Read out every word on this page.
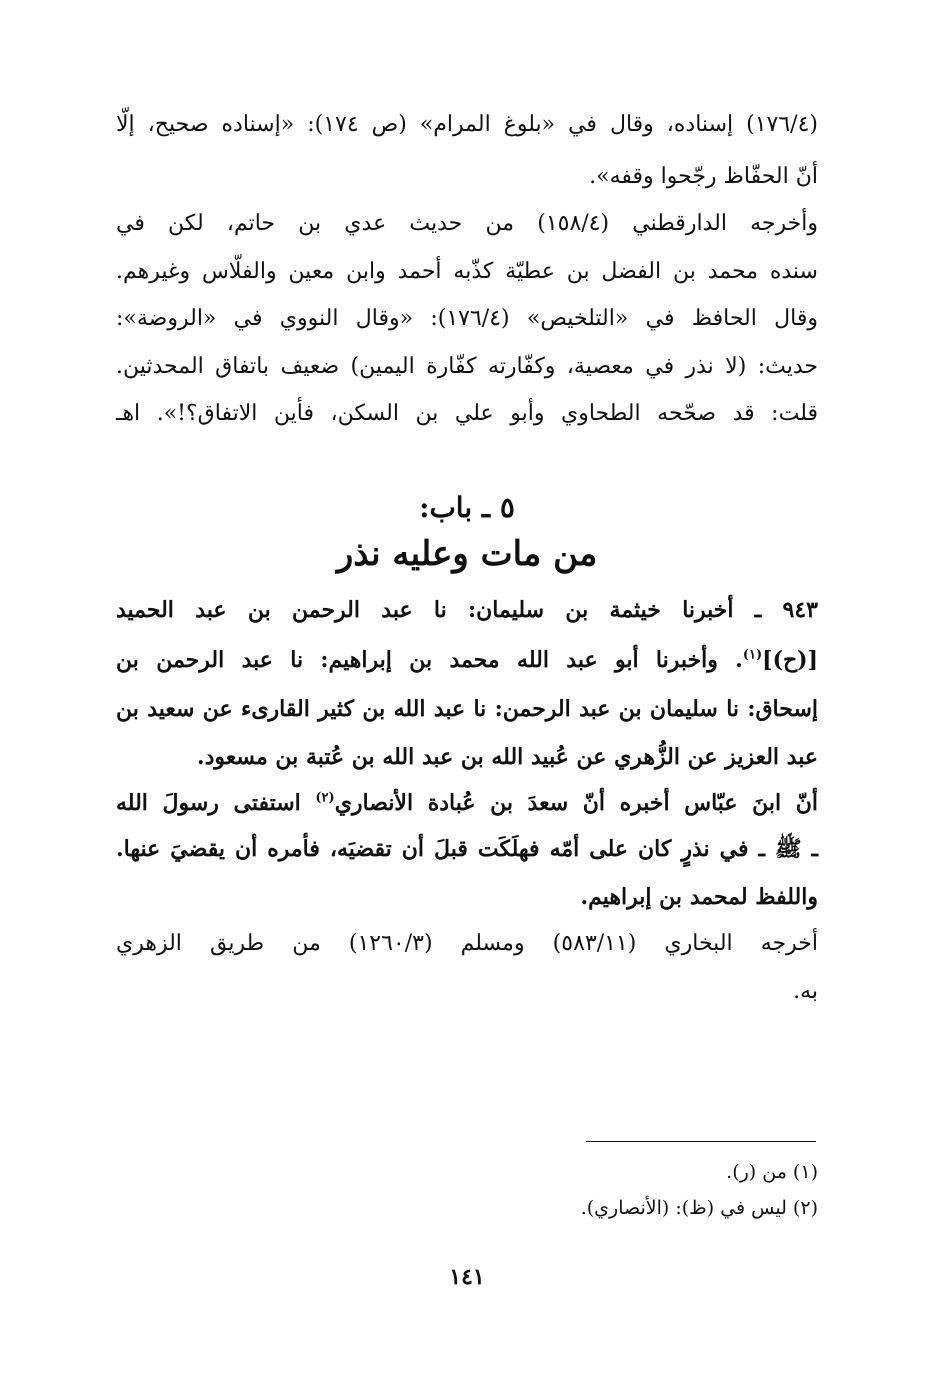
(١٧٦/٤) إسناده، وقال في «بلوغ المرام» (ص ١٧٤): «إسناده صحيح، إلّا
أنّ الحفّاظ رجّحوا وقفه».
وأخرجه الدارقطني (١٥٨/٤) من حديث عدي بن حاتم، لكن في
سنده محمد بن الفضل بن عطيّة كذّبه أحمد وابن معين والفلّاس وغيرهم.
وقال الحافظ في «التلخيص» (١٧٦/٤): «وقال النووي في «الروضة»:
حديث: (لا نذر في معصية، وكفّارته كفّارة اليمين) ضعيف باتفاق المحدثين.
قلت: قد صحّحه الطحاوي وأبو علي بن السكن، فأين الاتفاق؟!». اهـ
٥ ـ باب:
من مات وعليه نذر
٩٤٣ ـ أخبرنا خيثمة بن سليمان: نا عبد الرحمن بن عبد الحميد
[(ح)]$^{(١)}$. وأخبرنا أبو عبد الله محمد بن إبراهيم: نا عبد الرحمن بن
إسحاق: نا سليمان بن عبد الرحمن: نا عبد الله بن كثير القارىء عن سعيد بن
عبد العزيز عن الزُّهري عن عُبيد الله بن عبد الله بن عُتبة بن مسعود.
أنّ ابنَ عبّاس أخبره أنّ سعدَ بن عُبادة الأنصاري$^{(٢)}$ استفتى رسولَ الله
ـ ﷺ ـ في نذرٍ كان على أمّه فهلَكَت قبلَ أن تقضيَه، فأمره أن يقضيَ عنها.
واللفظ لمحمد بن إبراهيم.
أخرجه البخاري (٥٨٣/١١) ومسلم (١٢٦٠/٣) من طريق الزهري
به.
(١) من (ر).
(٢) ليس في (ظ): (الأنصاري).
١٤١
